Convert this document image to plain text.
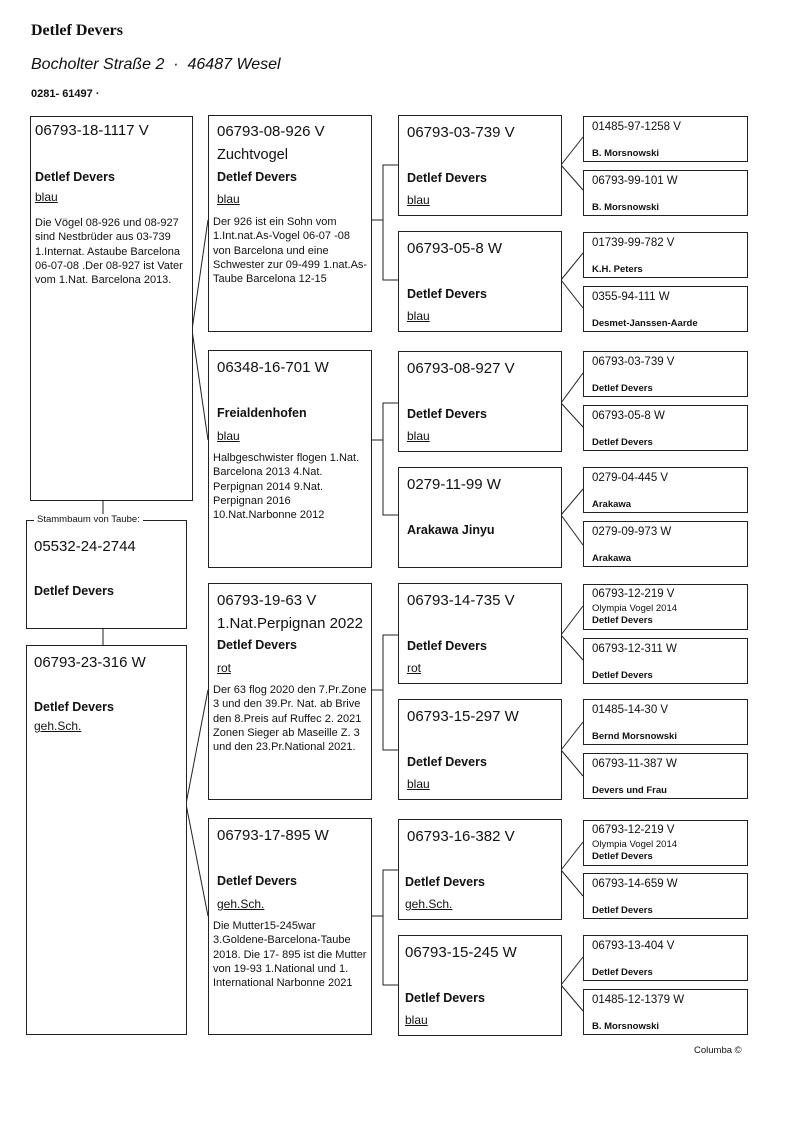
Detlef Devers
Bocholter Straße 2  ·  46487 Wesel
0281- 61497 ·
06793-18-1117 V
Detlef Devers
blau
Die Vögel 08-926 und 08-927 sind Nestbrüder aus 03-739 1.Internat. Astaube Barcelona 06-07-08 .Der 08-927 ist Vater vom 1.Nat. Barcelona 2013.
05532-24-2744
Detlef Devers
Stammbaum von Taube:
06793-23-316 W
Detlef Devers
geh.Sch.
06793-08-926 V
Zuchtvogel
Detlef Devers
blau
Der 926 ist ein Sohn vom 1.Int.nat.As-Vogel 06-07 -08 von Barcelona und eine Schwester zur 09-499 1.nat.As-Taube Barcelona 12-15
06348-16-701 W
Freialdenhofen
blau
Halbgeschwister flogen 1.Nat. Barcelona 2013 4.Nat. Perpignan 2014 9.Nat. Perpignan 2016 10.Nat.Narbonne 2012
06793-19-63 V
1.Nat.Perpignan 2022
Detlef Devers
rot
Der 63 flog 2020 den 7.Pr.Zone 3 und den 39.Pr. Nat. ab Brive den 8.Preis auf Ruffec 2. 2021 Zonen Sieger ab Maseille Z. 3 und den 23.Pr.National 2021.
06793-17-895 W
Detlef Devers
geh.Sch.
Die Mutter15-245war 3.Goldene-Barcelona-Taube 2018. Die 17- 895 ist die Mutter von 19-93 1.National und 1. International Narbonne 2021
06793-03-739 V
Detlef Devers
blau
06793-05-8 W
Detlef Devers
blau
06793-08-927 V
Detlef Devers
blau
0279-11-99 W
Arakawa Jinyu
06793-14-735 V
Detlef Devers
rot
06793-15-297 W
Detlef Devers
blau
06793-16-382 V
Detlef Devers
geh.Sch.
06793-15-245 W
Detlef Devers
blau
01485-97-1258 V
B. Morsnowski
06793-99-101 W
B. Morsnowski
01739-99-782 V
K.H. Peters
0355-94-111 W
Desmet-Janssen-Aarde
06793-03-739 V
Detlef Devers
06793-05-8 W
Detlef Devers
0279-04-445 V
Arakawa
0279-09-973 W
Arakawa
06793-12-219 V
Olympia Vogel 2014
Detlef Devers
06793-12-311 W
Detlef Devers
01485-14-30 V
Bernd Morsnowski
06793-11-387 W
Devers und Frau
06793-12-219 V
Olympia Vogel 2014
Detlef Devers
06793-14-659 W
Detlef Devers
06793-13-404 V
Detlef Devers
01485-12-1379 W
B. Morsnowski
Columba ©
